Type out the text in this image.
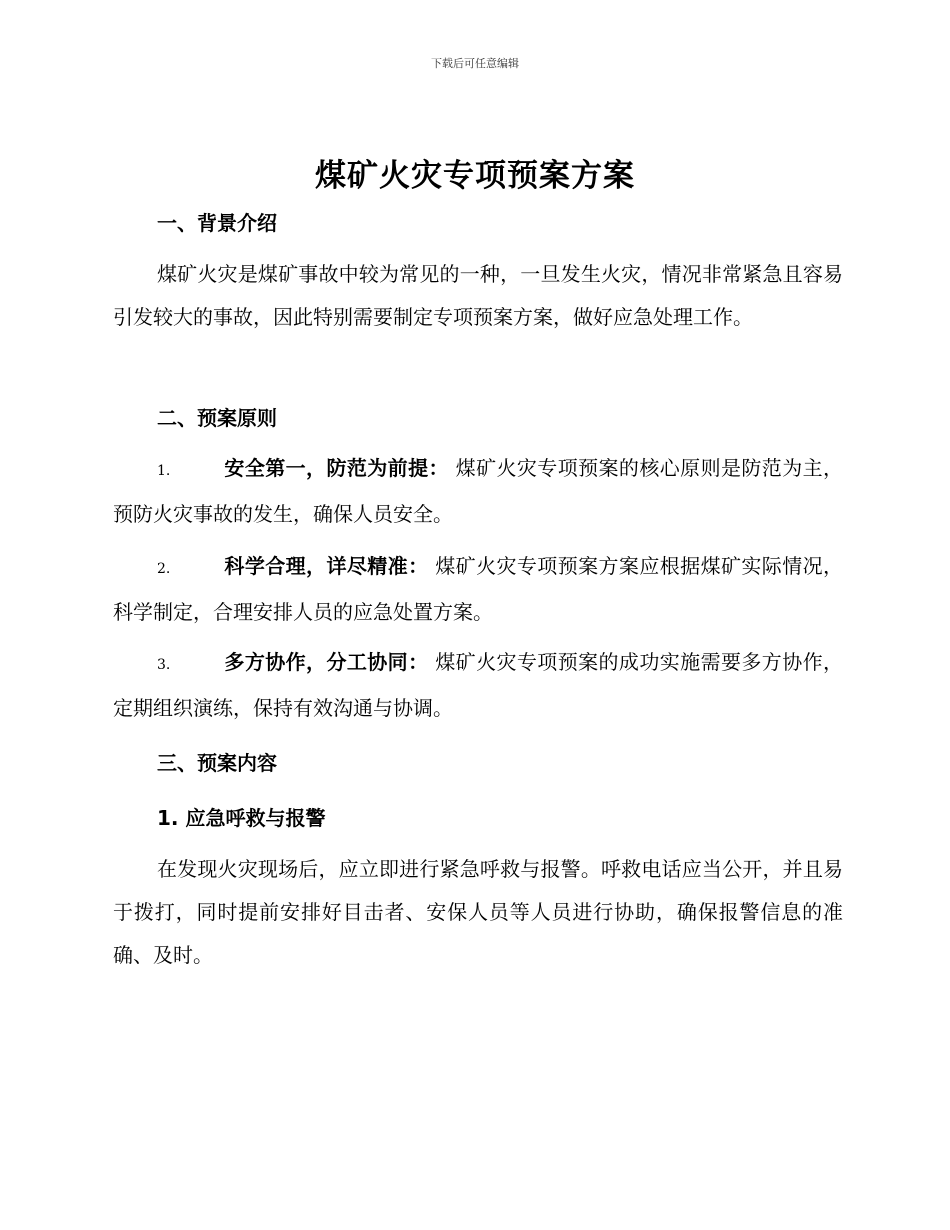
下载后可任意编辑
煤矿火灾专项预案方案
一、背景介绍
煤矿火灾是煤矿事故中较为常见的一种，一旦发生火灾，情况非常紧急且容易引发较大的事故，因此特别需要制定专项预案方案，做好应急处理工作。
二、预案原则
1.	安全第一，防范为前提： 煤矿火灾专项预案的核心原则是防范为主，预防火灾事故的发生，确保人员安全。
2.	科学合理，详尽精准： 煤矿火灾专项预案方案应根据煤矿实际情况，科学制定，合理安排人员的应急处置方案。
3.	多方协作，分工协同： 煤矿火灾专项预案的成功实施需要多方协作，定期组织演练，保持有效沟通与协调。
三、预案内容
1. 应急呼救与报警
在发现火灾现场后，应立即进行紧急呼救与报警。呼救电话应当公开，并且易于拨打，同时提前安排好目击者、安保人员等人员进行协助，确保报警信息的准确、及时。
